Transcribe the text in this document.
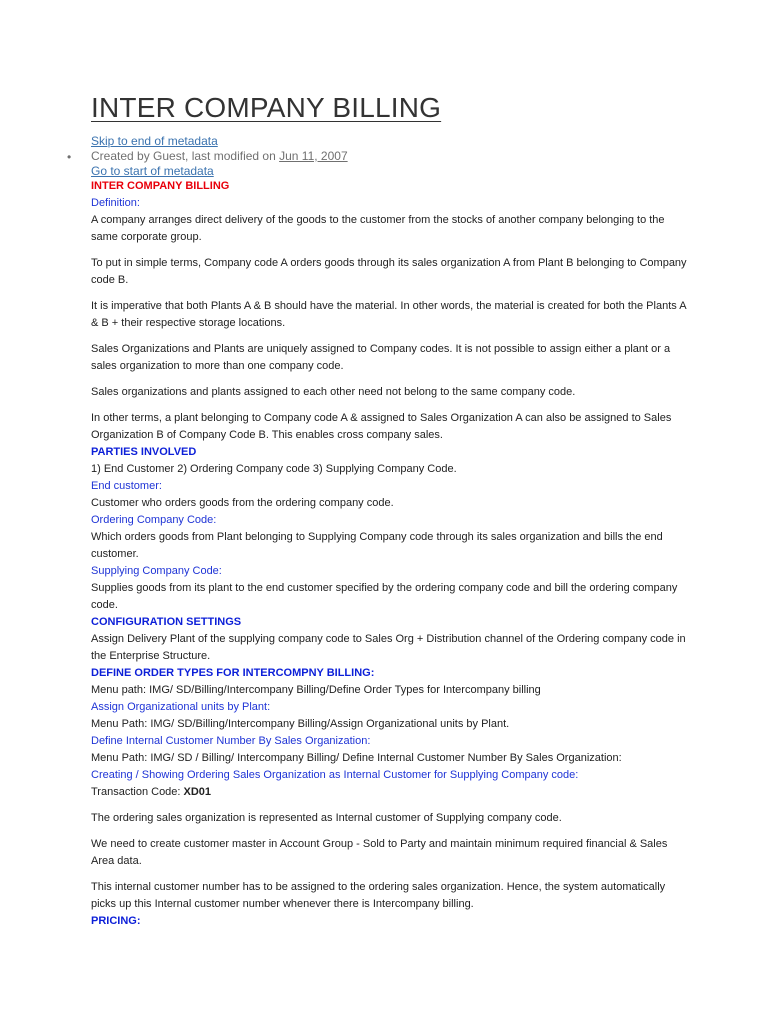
INTER COMPANY BILLING
Skip to end of metadata
• Created by Guest, last modified on Jun 11, 2007
Go to start of metadata

INTER COMPANY BILLING

Definition:

A company arranges direct delivery of the goods to the customer from the stocks of another company belonging to the same corporate group.

To put in simple terms, Company code A orders goods through its sales organization A from Plant B belonging to Company code B.

It is imperative that both Plants A & B should have the material. In other words, the material is created for both the Plants A & B + their respective storage locations.

Sales Organizations and Plants are uniquely assigned to Company codes. It is not possible to assign either a plant or a sales organization to more than one company code.

Sales organizations and plants assigned to each other need not belong to the same company code.

In other terms, a plant belonging to Company code A & assigned to Sales Organization A can also be assigned to Sales Organization B of Company Code B. This enables cross company sales.

PARTIES INVOLVED

1) End Customer 2) Ordering Company code 3) Supplying Company Code.

End customer:

Customer who orders goods from the ordering company code.

Ordering Company Code:

Which orders goods from Plant belonging to Supplying Company code through its sales organization and bills the end customer.

Supplying Company Code:

Supplies goods from its plant to the end customer specified by the ordering company code and bill the ordering company code.

CONFIGURATION SETTINGS

Assign Delivery Plant of the supplying company code to Sales Org + Distribution channel of the Ordering company code in the Enterprise Structure.

DEFINE ORDER TYPES FOR INTERCOMPNY BILLING:

Menu path: IMG/ SD/Billing/Intercompany Billing/Define Order Types for Intercompany billing

Assign Organizational units by Plant:

Menu Path: IMG/ SD/Billing/Intercompany Billing/Assign Organizational units by Plant.

Define Internal Customer Number By Sales Organization:

Menu Path: IMG/ SD / Billing/ Intercompany Billing/ Define Internal Customer Number By Sales Organization:

Creating / Showing Ordering Sales Organization as Internal Customer for Supplying Company code:

Transaction Code: XD01

The ordering sales organization is represented as Internal customer of Supplying company code.

We need to create customer master in Account Group - Sold to Party and maintain minimum required financial & Sales Area data.

This internal customer number has to be assigned to the ordering sales organization. Hence, the system automatically picks up this Internal customer number whenever there is Intercompany billing.

PRICING:
